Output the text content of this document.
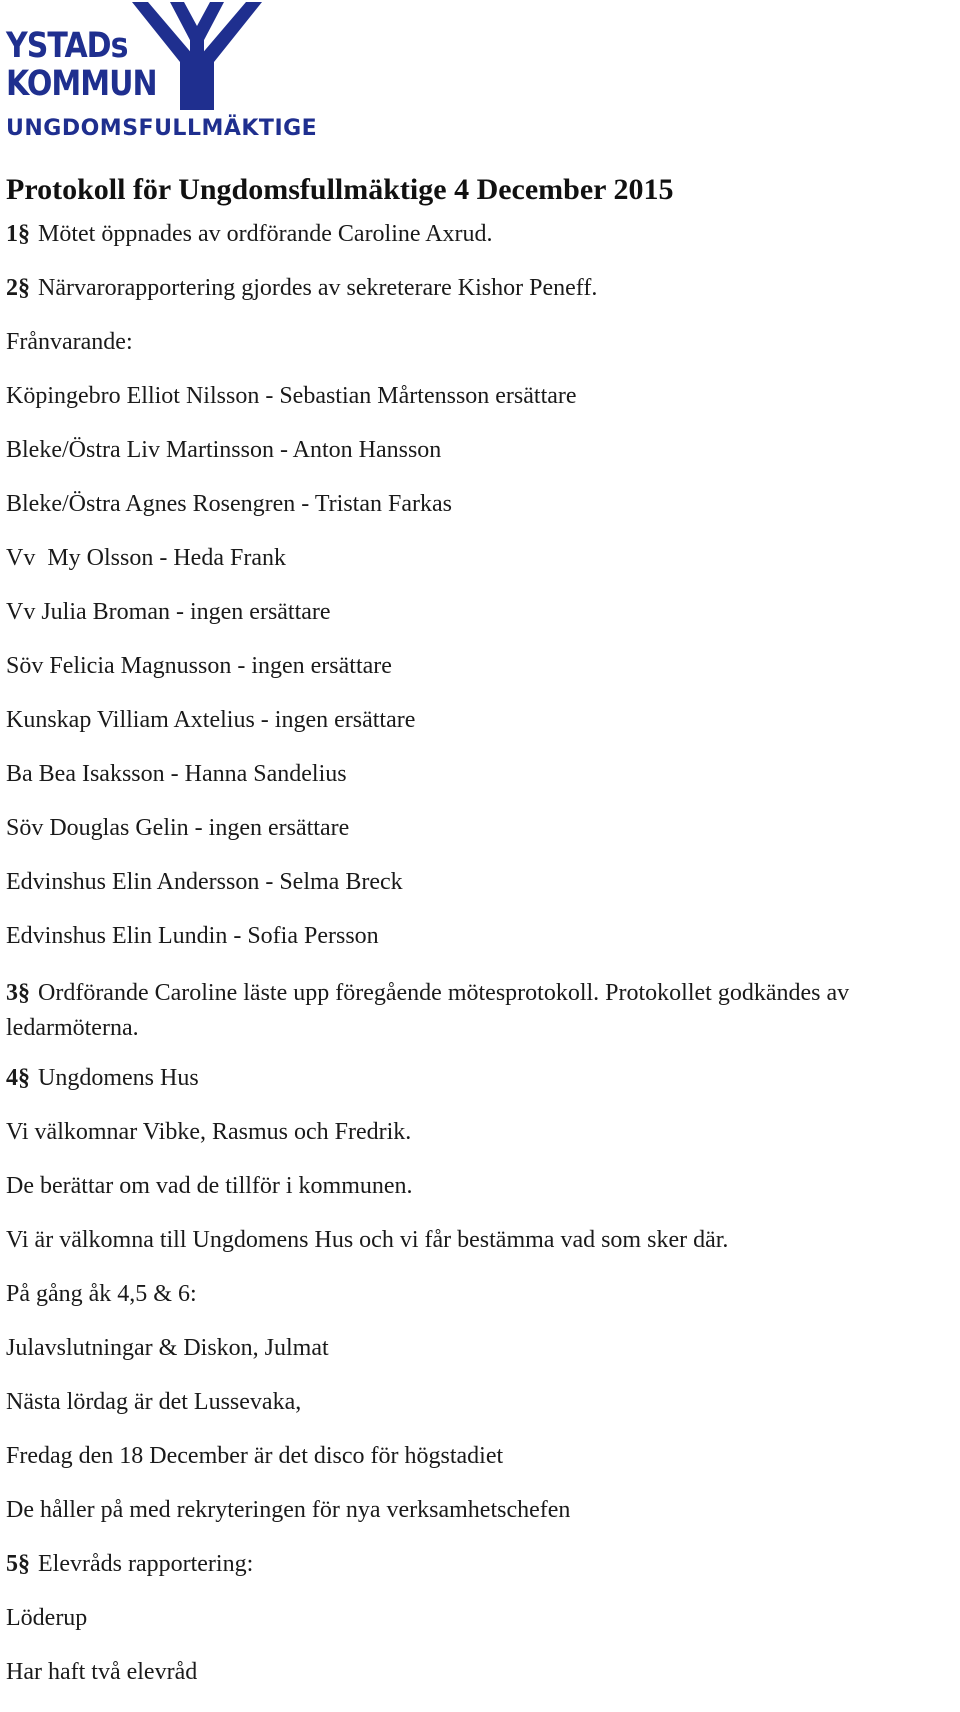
YSTADs
KOMMUN
UNGDOMSFULLMÄKTIGE
Protokoll för Ungdomsfullmäktige 4 December 2015
1§ Mötet öppnades av ordförande Caroline Axrud.
2§ Närvarorapportering gjordes av sekreterare Kishor Peneff.
Frånvarande:
Köpingebro Elliot Nilsson - Sebastian Mårtensson ersättare
Bleke/Östra Liv Martinsson - Anton Hansson
Bleke/Östra Agnes Rosengren - Tristan Farkas
Vv  My Olsson - Heda Frank
Vv Julia Broman - ingen ersättare
Söv Felicia Magnusson - ingen ersättare
Kunskap Villiam Axtelius - ingen ersättare
Ba Bea Isaksson - Hanna Sandelius
Söv Douglas Gelin - ingen ersättare
Edvinshus Elin Andersson - Selma Breck
Edvinshus Elin Lundin - Sofia Persson
3§ Ordförande Caroline läste upp föregående mötesprotokoll. Protokollet godkändes av ledarmöterna.
4§ Ungdomens Hus
Vi välkomnar Vibke, Rasmus och Fredrik.
De berättar om vad de tillför i kommunen.
Vi är välkomna till Ungdomens Hus och vi får bestämma vad som sker där.
På gång åk 4,5 & 6:
Julavslutningar & Diskon, Julmat
Nästa lördag är det Lussevaka,
Fredag den 18 December är det disco för högstadiet
De håller på med rekryteringen för nya verksamhetschefen
5§ Elevråds rapportering:
Löderup
Har haft två elevråd
